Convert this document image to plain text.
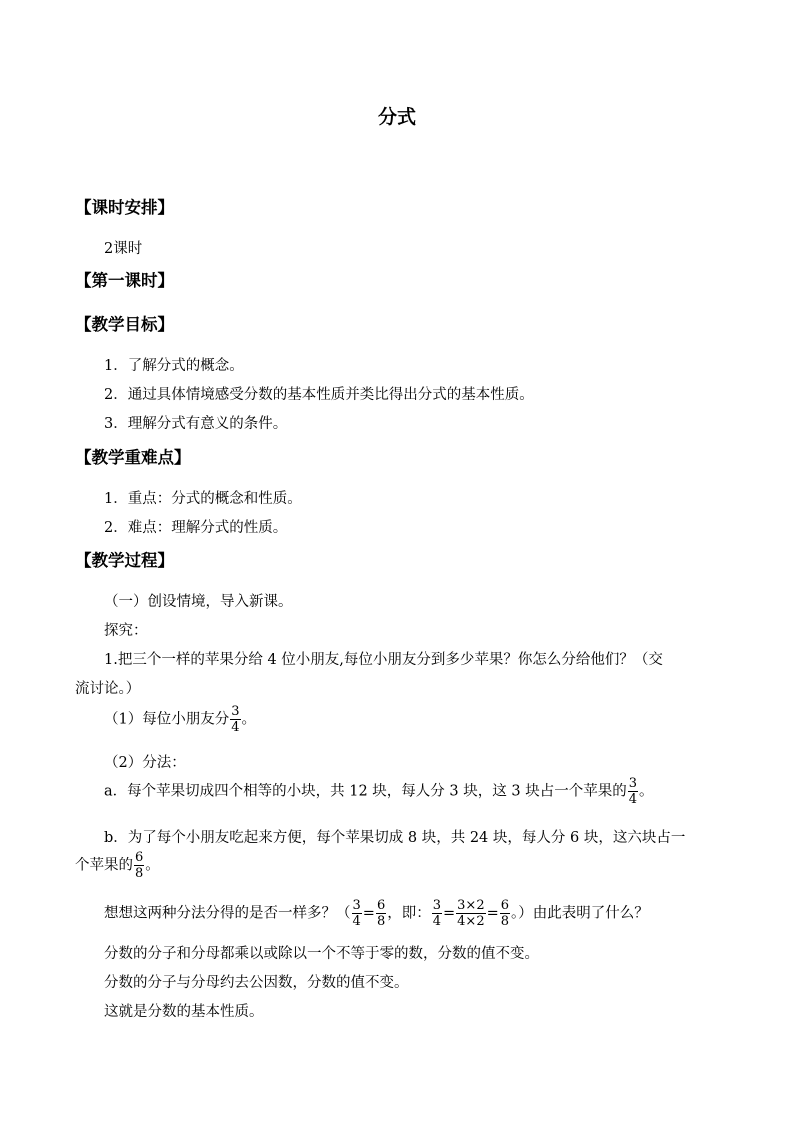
分式
【课时安排】
2课时
【第一课时】
【教学目标】
1．了解分式的概念。
2．通过具体情境感受分数的基本性质并类比得出分式的基本性质。
3．理解分式有意义的条件。
【教学重难点】
1．重点：分式的概念和性质。
2．难点：理解分式的性质。
【教学过程】
（一）创设情境，导入新课。
探究：
1.把三个一样的苹果分给 4 位小朋友,每位小朋友分到多少苹果？你怎么分给他们？（交
流讨论。）
（1）每位小朋友分 $\frac{3}{4}$ 。
（2）分法：
a．每个苹果切成四个相等的小块，共 12 块，每人分 3 块，这 3 块占一个苹果的 $\frac{3}{4}$ 。
b．为了每个小朋友吃起来方便，每个苹果切成 8 块，共 24 块，每人分 6 块，这六块占一
个苹果的 $\frac{6}{8}$ 。
想想这两种分法分得的是否一样多？（ $\frac{3}{4} = \frac{6}{8}$ ，即： $\frac{3}{4} = \frac{3\times 2}{4\times 2} = \frac{6}{8}$ 。）由此表明了什么？
分数的分子和分母都乘以或除以一个不等于零的数，分数的值不变。
分数的分子与分母约去公因数，分数的值不变。
这就是分数的基本性质。
